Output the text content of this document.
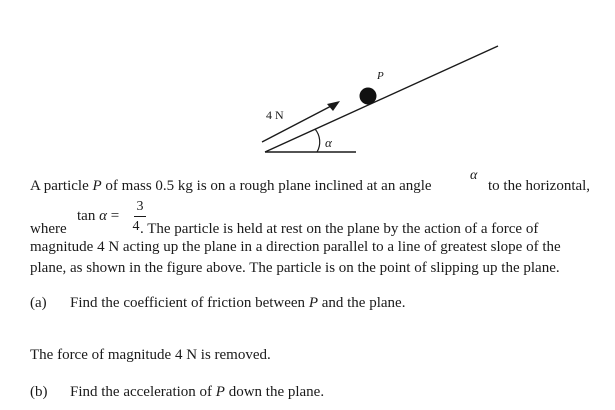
4 N
P
α
A particle P of mass 0.5 kg is on a rough plane inclined at an angle
α
to the horizontal,
where
tan α =
3
4 . The particle is held at rest on the plane by the action of a force of
magnitude 4 N acting up the plane in a direction parallel to a line of greatest slope of the
plane, as shown in the figure above. The particle is on the point of slipping up the plane.
(a) Find the coefficient of friction between P and the plane.
The force of magnitude 4 N is removed.
(b) Find the acceleration of P down the plane.
